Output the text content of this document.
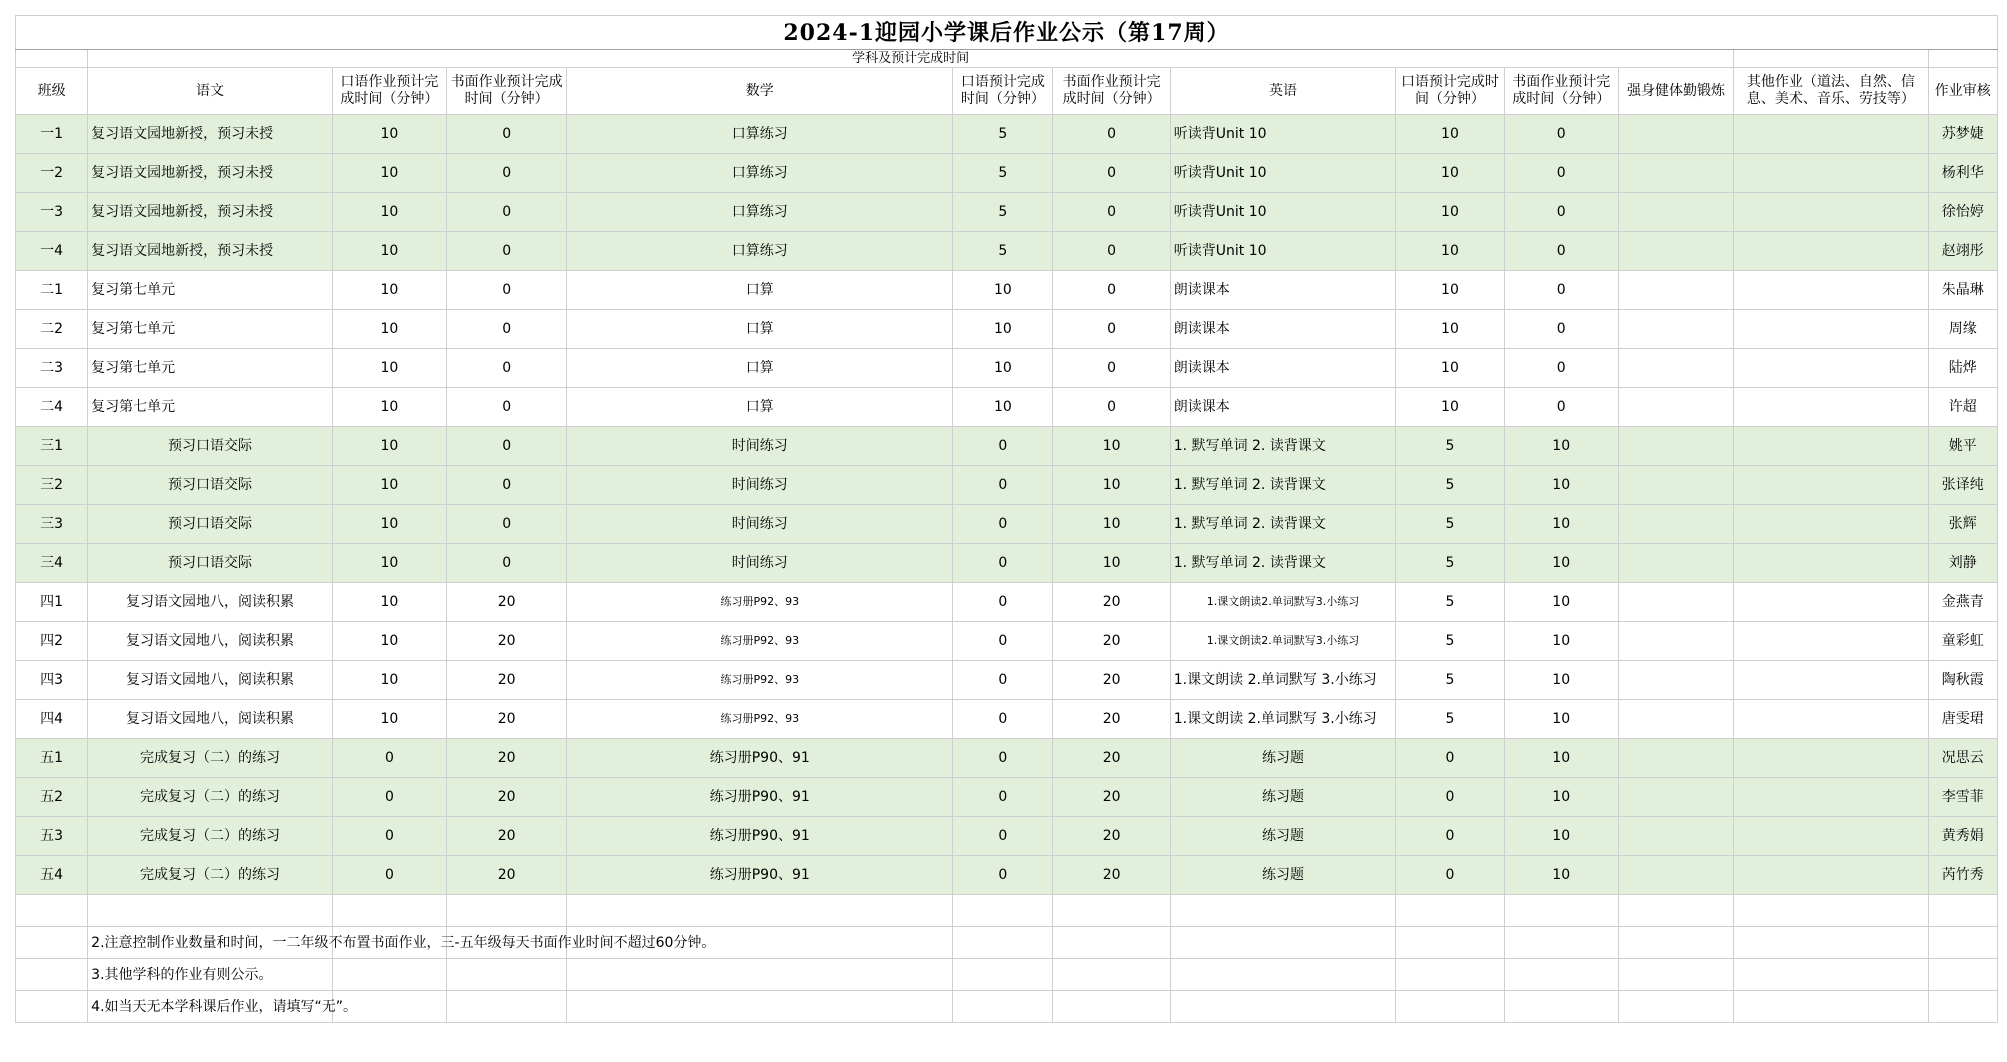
2024-1迎园小学课后作业公示（第17周）												
	学科及预计完成时间											
班级	语文	口语作业预计完成时间（分钟）	书面作业预计完成时间（分钟）	数学	口语预计完成时间（分钟）	书面作业预计完成时间（分钟）	英语	口语预计完成时间（分钟）	书面作业预计完成时间（分钟）	强身健体勤锻炼	其他作业（道法、自然、信息、美术、音乐、劳技等）	作业审核
一1	复习语文园地新授，预习未授	10	0	口算练习	5	0	听读背Unit 10	10	0			苏梦婕
一2	复习语文园地新授，预习未授	10	0	口算练习	5	0	听读背Unit 10	10	0			杨利华
一3	复习语文园地新授，预习未授	10	0	口算练习	5	0	听读背Unit 10	10	0			徐怡婷
一4	复习语文园地新授，预习未授	10	0	口算练习	5	0	听读背Unit 10	10	0			赵翊彤
二1	复习第七单元	10	0	口算	10	0	朗读课本	10	0			朱晶琳
二2	复习第七单元	10	0	口算	10	0	朗读课本	10	0			周缘
二3	复习第七单元	10	0	口算	10	0	朗读课本	10	0			陆烨
二4	复习第七单元	10	0	口算	10	0	朗读课本	10	0			许超
三1	预习口语交际	10	0	时间练习	0	10	1. 默写单词 2. 读背课文	5	10			姚平
三2	预习口语交际	10	0	时间练习	0	10	1. 默写单词 2. 读背课文	5	10			张译纯
三3	预习口语交际	10	0	时间练习	0	10	1. 默写单词 2. 读背课文	5	10			张辉
三4	预习口语交际	10	0	时间练习	0	10	1. 默写单词 2. 读背课文	5	10			刘静
四1	复习语文园地八，阅读积累	10	20	练习册P92、93	0	20	1.课文朗读2.单词默写3.小练习	5	10			金燕青
四2	复习语文园地八，阅读积累	10	20	练习册P92、93	0	20	1.课文朗读2.单词默写3.小练习	5	10			童彩虹
四3	复习语文园地八，阅读积累	10	20	练习册P92、93	0	20	1.课文朗读 2.单词默写 3.小练习	5	10			陶秋霞
四4	复习语文园地八，阅读积累	10	20	练习册P92、93	0	20	1.课文朗读 2.单词默写 3.小练习	5	10			唐雯珺
五1	完成复习（二）的练习	0	20	练习册P90、91	0	20	练习题	0	10			况思云
五2	完成复习（二）的练习	0	20	练习册P90、91	0	20	练习题	0	10			李雪菲
五3	完成复习（二）的练习	0	20	练习册P90、91	0	20	练习题	0	10			黄秀娟
五4	完成复习（二）的练习	0	20	练习册P90、91	0	20	练习题	0	10			芮竹秀

	2.注意控制作业数量和时间，一二年级不布置书面作业，三-五年级每天书面作业时间不超过60分钟。											
	3.其他学科的作业有则公示。											
	4.如当天无本学科课后作业，请填写“无”。											
